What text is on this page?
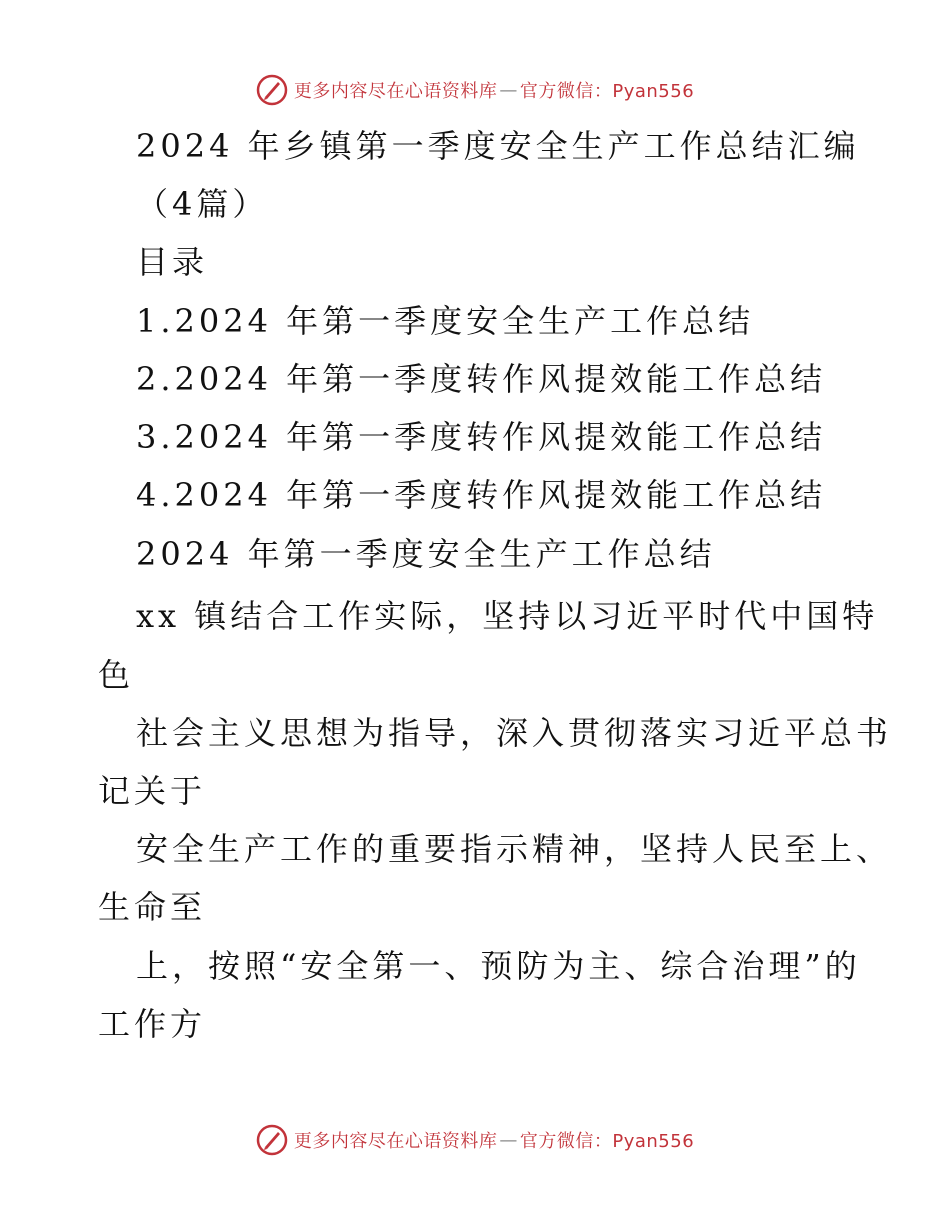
更多内容尽在心语资料库 — 官方微信：Pyan556
2024 年乡镇第一季度安全生产工作总结汇编
（4篇）
目录
1.2024 年第一季度安全生产工作总结
2.2024 年第一季度转作风提效能工作总结
3.2024 年第一季度转作风提效能工作总结
4.2024 年第一季度转作风提效能工作总结
2024 年第一季度安全生产工作总结
xx 镇结合工作实际，坚持以习近平时代中国特
色
社会主义思想为指导，深入贯彻落实习近平总书
记关于
安全生产工作的重要指示精神，坚持人民至上、
生命至
上，按照“安全第一、预防为主、综合治理”的
工作方
更多内容尽在心语资料库 — 官方微信：Pyan556
